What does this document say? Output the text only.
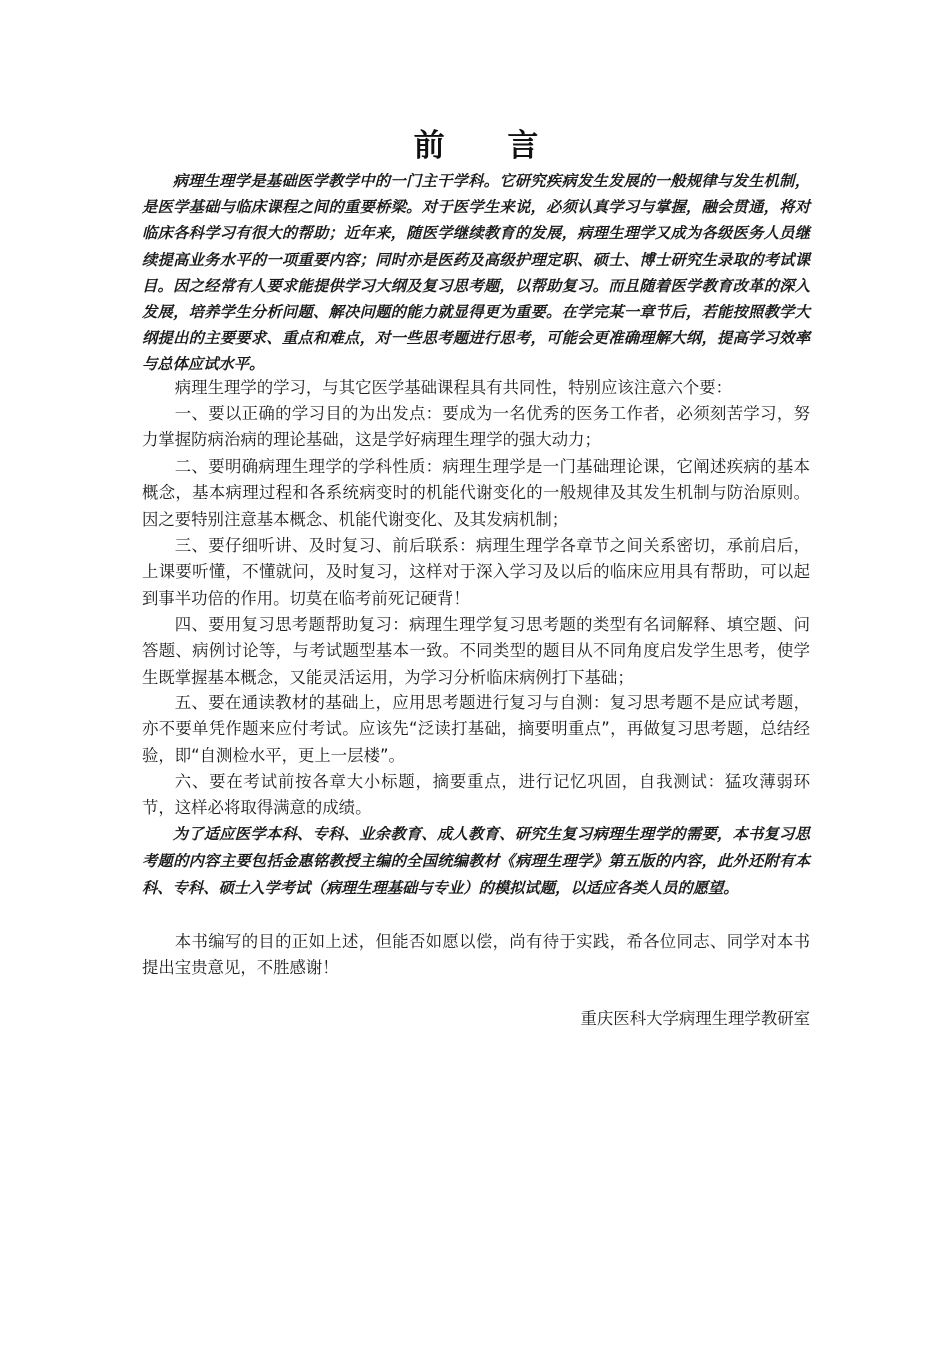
前 言

病理生理学是基础医学教学中的一门主干学科。它研究疾病发生发展的一般规律与发生机制，是医学基础与临床课程之间的重要桥梁。对于医学生来说，必须认真学习与掌握，融会贯通，将对临床各科学习有很大的帮助；近年来，随医学继续教育的发展，病理生理学又成为各级医务人员继续提高业务水平的一项重要内容；同时亦是医药及高级护理定职、硕士、博士研究生录取的考试课目。因之经常有人要求能提供学习大纲及复习思考题，以帮助复习。而且随着医学教育改革的深入发展，培养学生分析问题、解决问题的能力就显得更为重要。在学完某一章节后，若能按照教学大纲提出的主要要求、重点和难点，对一些思考题进行思考，可能会更准确理解大纲，提高学习效率与总体应试水平。

病理生理学的学习，与其它医学基础课程具有共同性，特别应该注意六个要：

一、要以正确的学习目的为出发点：要成为一名优秀的医务工作者，必须刻苦学习，努力掌握防病治病的理论基础，这是学好病理生理学的强大动力；

二、要明确病理生理学的学科性质：病理生理学是一门基础理论课，它阐述疾病的基本概念，基本病理过程和各系统病变时的机能代谢变化的一般规律及其发生机制与防治原则。因之要特别注意基本概念、机能代谢变化、及其发病机制；

三、要仔细听讲、及时复习、前后联系：病理生理学各章节之间关系密切，承前启后，上课要听懂，不懂就问，及时复习，这样对于深入学习及以后的临床应用具有帮助，可以起到事半功倍的作用。切莫在临考前死记硬背！

四、要用复习思考题帮助复习：病理生理学复习思考题的类型有名词解释、填空题、问答题、病例讨论等，与考试题型基本一致。不同类型的题目从不同角度启发学生思考，使学生既掌握基本概念，又能灵活运用，为学习分析临床病例打下基础；

五、要在通读教材的基础上，应用思考题进行复习与自测：复习思考题不是应试考题，亦不要单凭作题来应付考试。应该先“泛读打基础，摘要明重点”，再做复习思考题，总结经验，即“自测检水平，更上一层楼”。

六、要在考试前按各章大小标题，摘要重点，进行记忆巩固，自我测试：猛攻薄弱环节，这样必将取得满意的成绩。

为了适应医学本科、专科、业余教育、成人教育、研究生复习病理生理学的需要，本书复习思考题的内容主要包括金惠铭教授主编的全国统编教材《病理生理学》第五版的内容，此外还附有本科、专科、硕士入学考试（病理生理基础与专业）的模拟试题，以适应各类人员的愿望。

本书编写的目的正如上述，但能否如愿以偿，尚有待于实践，希各位同志、同学对本书提出宝贵意见，不胜感谢！

重庆医科大学病理生理学教研室
